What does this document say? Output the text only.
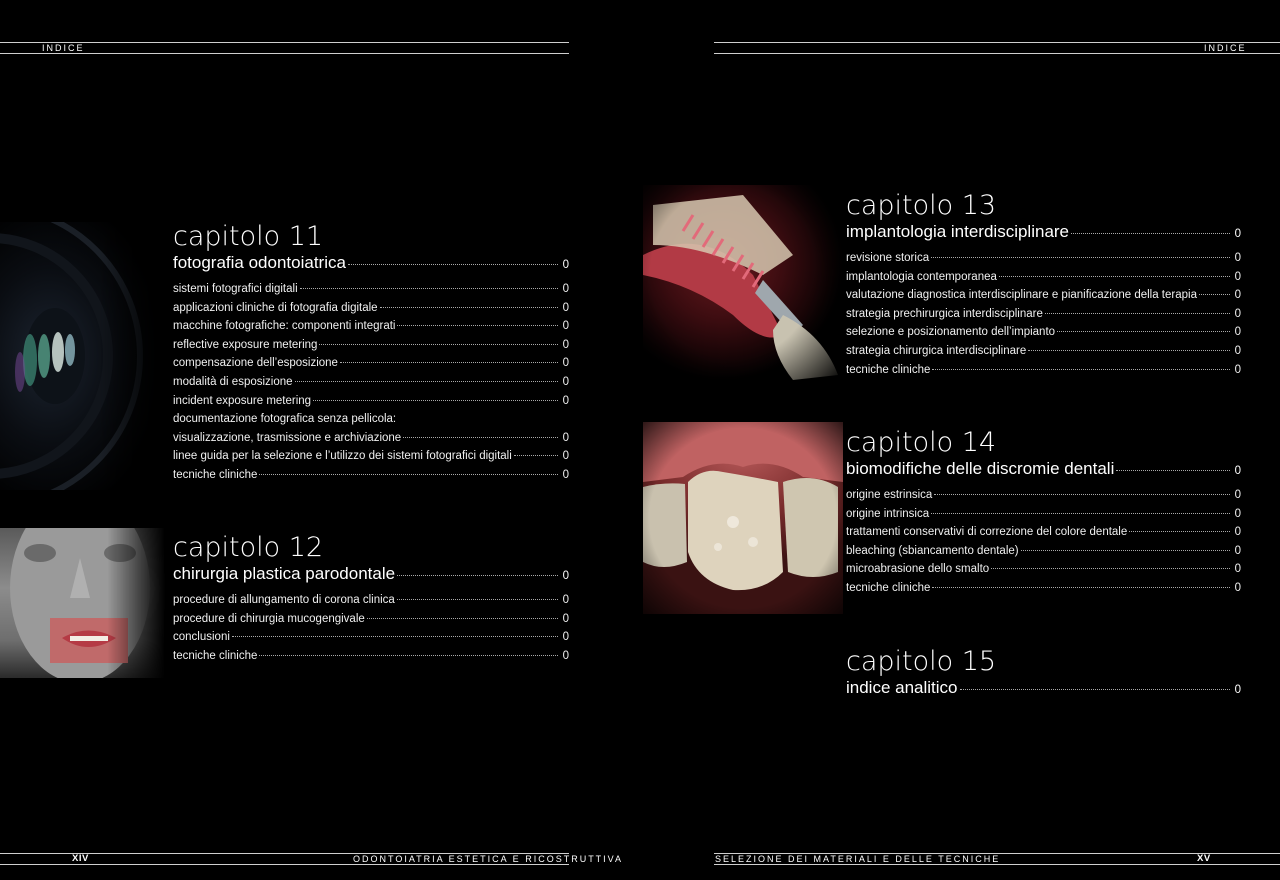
INDICE	INDICE
XIV	ODONTOIATRIA ESTETICA E RICOSTRUTTIVA	SELEZIONE DEI MATERIALI E DELLE TECNICHE	XV
capitolo 11
fotografia odontoiatrica	0
sistemi fotografici digitali	0
applicazioni cliniche di fotografia digitale	0
macchine fotografiche: componenti integrati	0
reflective exposure metering	0
compensazione dell’esposizione	0
modalità di esposizione	0
incident exposure metering	0
documentazione fotografica senza pellicola:
visualizzazione, trasmissione e archiviazione	0
linee guida per la selezione e l’utilizzo dei sistemi fotografici digitali	0
tecniche cliniche	0
capitolo 12
chirurgia plastica parodontale	0
procedure di allungamento di corona clinica	0
procedure di chirurgia mucogengivale	0
conclusioni	0
tecniche cliniche	0
capitolo 13
implantologia interdisciplinare	0
revisione storica	0
implantologia contemporanea	0
valutazione diagnostica interdisciplinare e pianificazione della terapia	0
strategia prechirurgica interdisciplinare	0
selezione e posizionamento dell’impianto	0
strategia chirurgica interdisciplinare	0
tecniche cliniche	0
capitolo 14
biomodifiche delle discromie dentali	0
origine estrinsica	0
origine intrinsica	0
trattamenti conservativi di correzione del colore dentale	0
bleaching (sbiancamento dentale)	0
microabrasione dello smalto	0
tecniche cliniche	0
capitolo 15
indice analitico	0
